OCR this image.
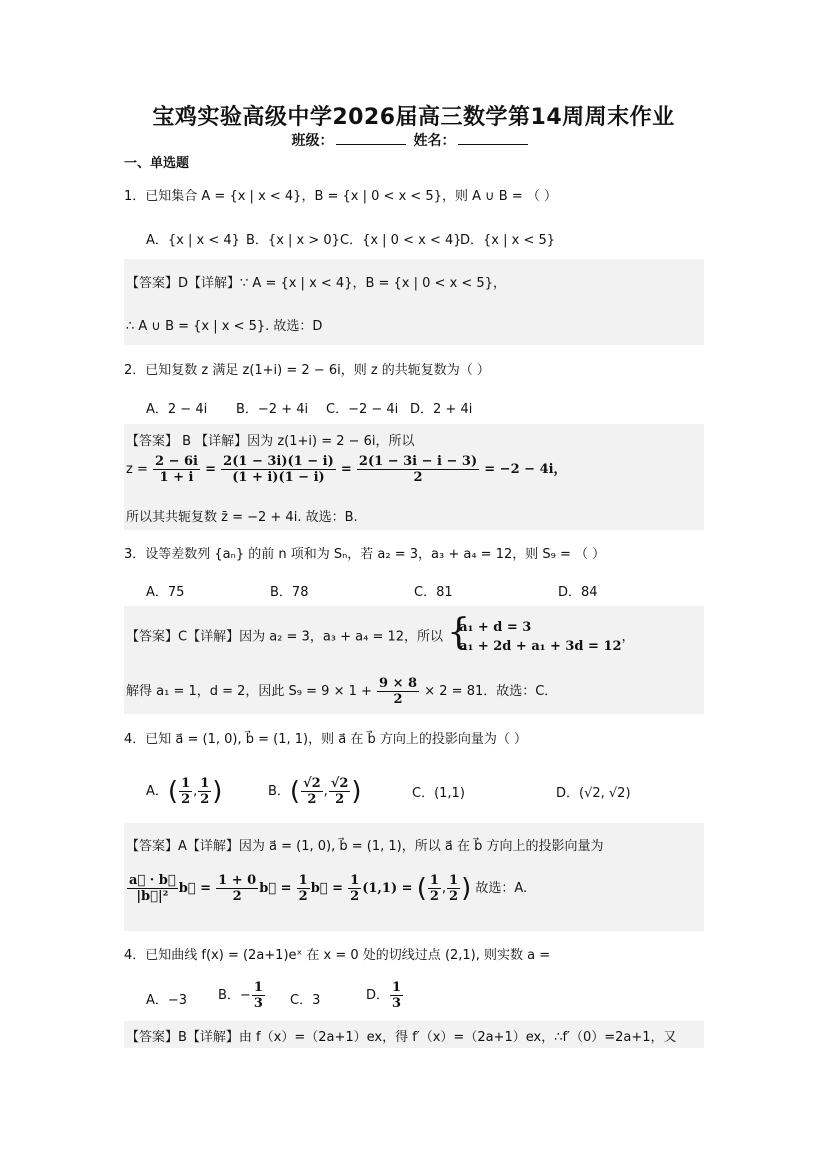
宝鸡实验高级中学2026届高三数学第14周周末作业
班级：	姓名：
一、单选题
1．已知集合 A = {x | x < 4}，B = {x | 0 < x < 5}，则 A ∪ B = （ ）
A．{x | x < 4} B．{x | x > 0} C．{x | 0 < x < 4}
D．{x | x < 5}
【答案】D【详解】∵ A = {x | x < 4}，B = {x | 0 < x < 5}，
∴ A ∪ B = {x | x < 5}. 故选：D
2．已知复数 z 满足 z(1+i) = 2 − 6i，则 z 的共轭复数为（ ）
A．2 − 4i B．−2 + 4i C．−2 − 4i D．2 + 4i
【答案】 B 【详解】因为 z(1+i) = 2 − 6i，所以
$z = \frac{2 - 6i}{1 + i} = \frac{2(1 - 3i)(1 - i)}{(1 + i)(1 - i)} = \frac{2(1 - 3i - i - 3)}{2} = -2 - 4i$，
所以其共轭复数 z̄ = −2 + 4i. 故选：B.
3．设等差数列 {aₙ} 的前 n 项和为 Sₙ，若 a₂ = 3，a₃ + a₄ = 12，则 S₉ = （ ）
A．75	B．78	C．81	D．84
【答案】C【详解】因为 a₂ = 3，a₃ + a₄ = 12，所以
{ a₁ + d = 3
a₁ + 2d + a₁ + 3d = 12
，
解得 a₁ = 1，d = 2，因此 $S_9 = 9 \times 1 + \frac{9 \times 8}{2} \times 2 = 81$．故选：C．
4．已知 a⃗ = (1, 0), b⃗ = (1, 1)，则 a⃗ 在 b⃗ 方向上的投影向量为（ ）
A．( $\frac{1}{2}$ , $\frac{1}{2}$ )	B．( $\frac{√2}{2}$ , $\frac{√2}{2}$ )	C．(1,1)	D．(√2, √2)
【答案】A【详解】因为 a⃗ = (1, 0), b⃗ = (1, 1)，所以 a⃗ 在 b⃗ 方向上的投影向量为
$\frac{a⃗ \cdot b⃗}{\text{|b⃗|²}}$ b⃗ = $\frac{1 + 0}{2}$ b⃗ = $\frac{1}{2}$ b⃗ = $\frac{1}{2} (1,1)$ = ( $\frac{1}{2}$ , $\frac{1}{2}$ ) 故选：A.
4．已知曲线 f(x) = (2a+1)eˣ 在 x = 0 处的切线过点 (2,1), 则实数 a =
A．−3 B．− $\frac{1}{3}$ C．3	D． $\frac{1}{3}$
【答案】B【详解】由 f（x）=（2a+1）ex，得 f′（x）=（2a+1）ex，∴f′（0）=2a+1，又
